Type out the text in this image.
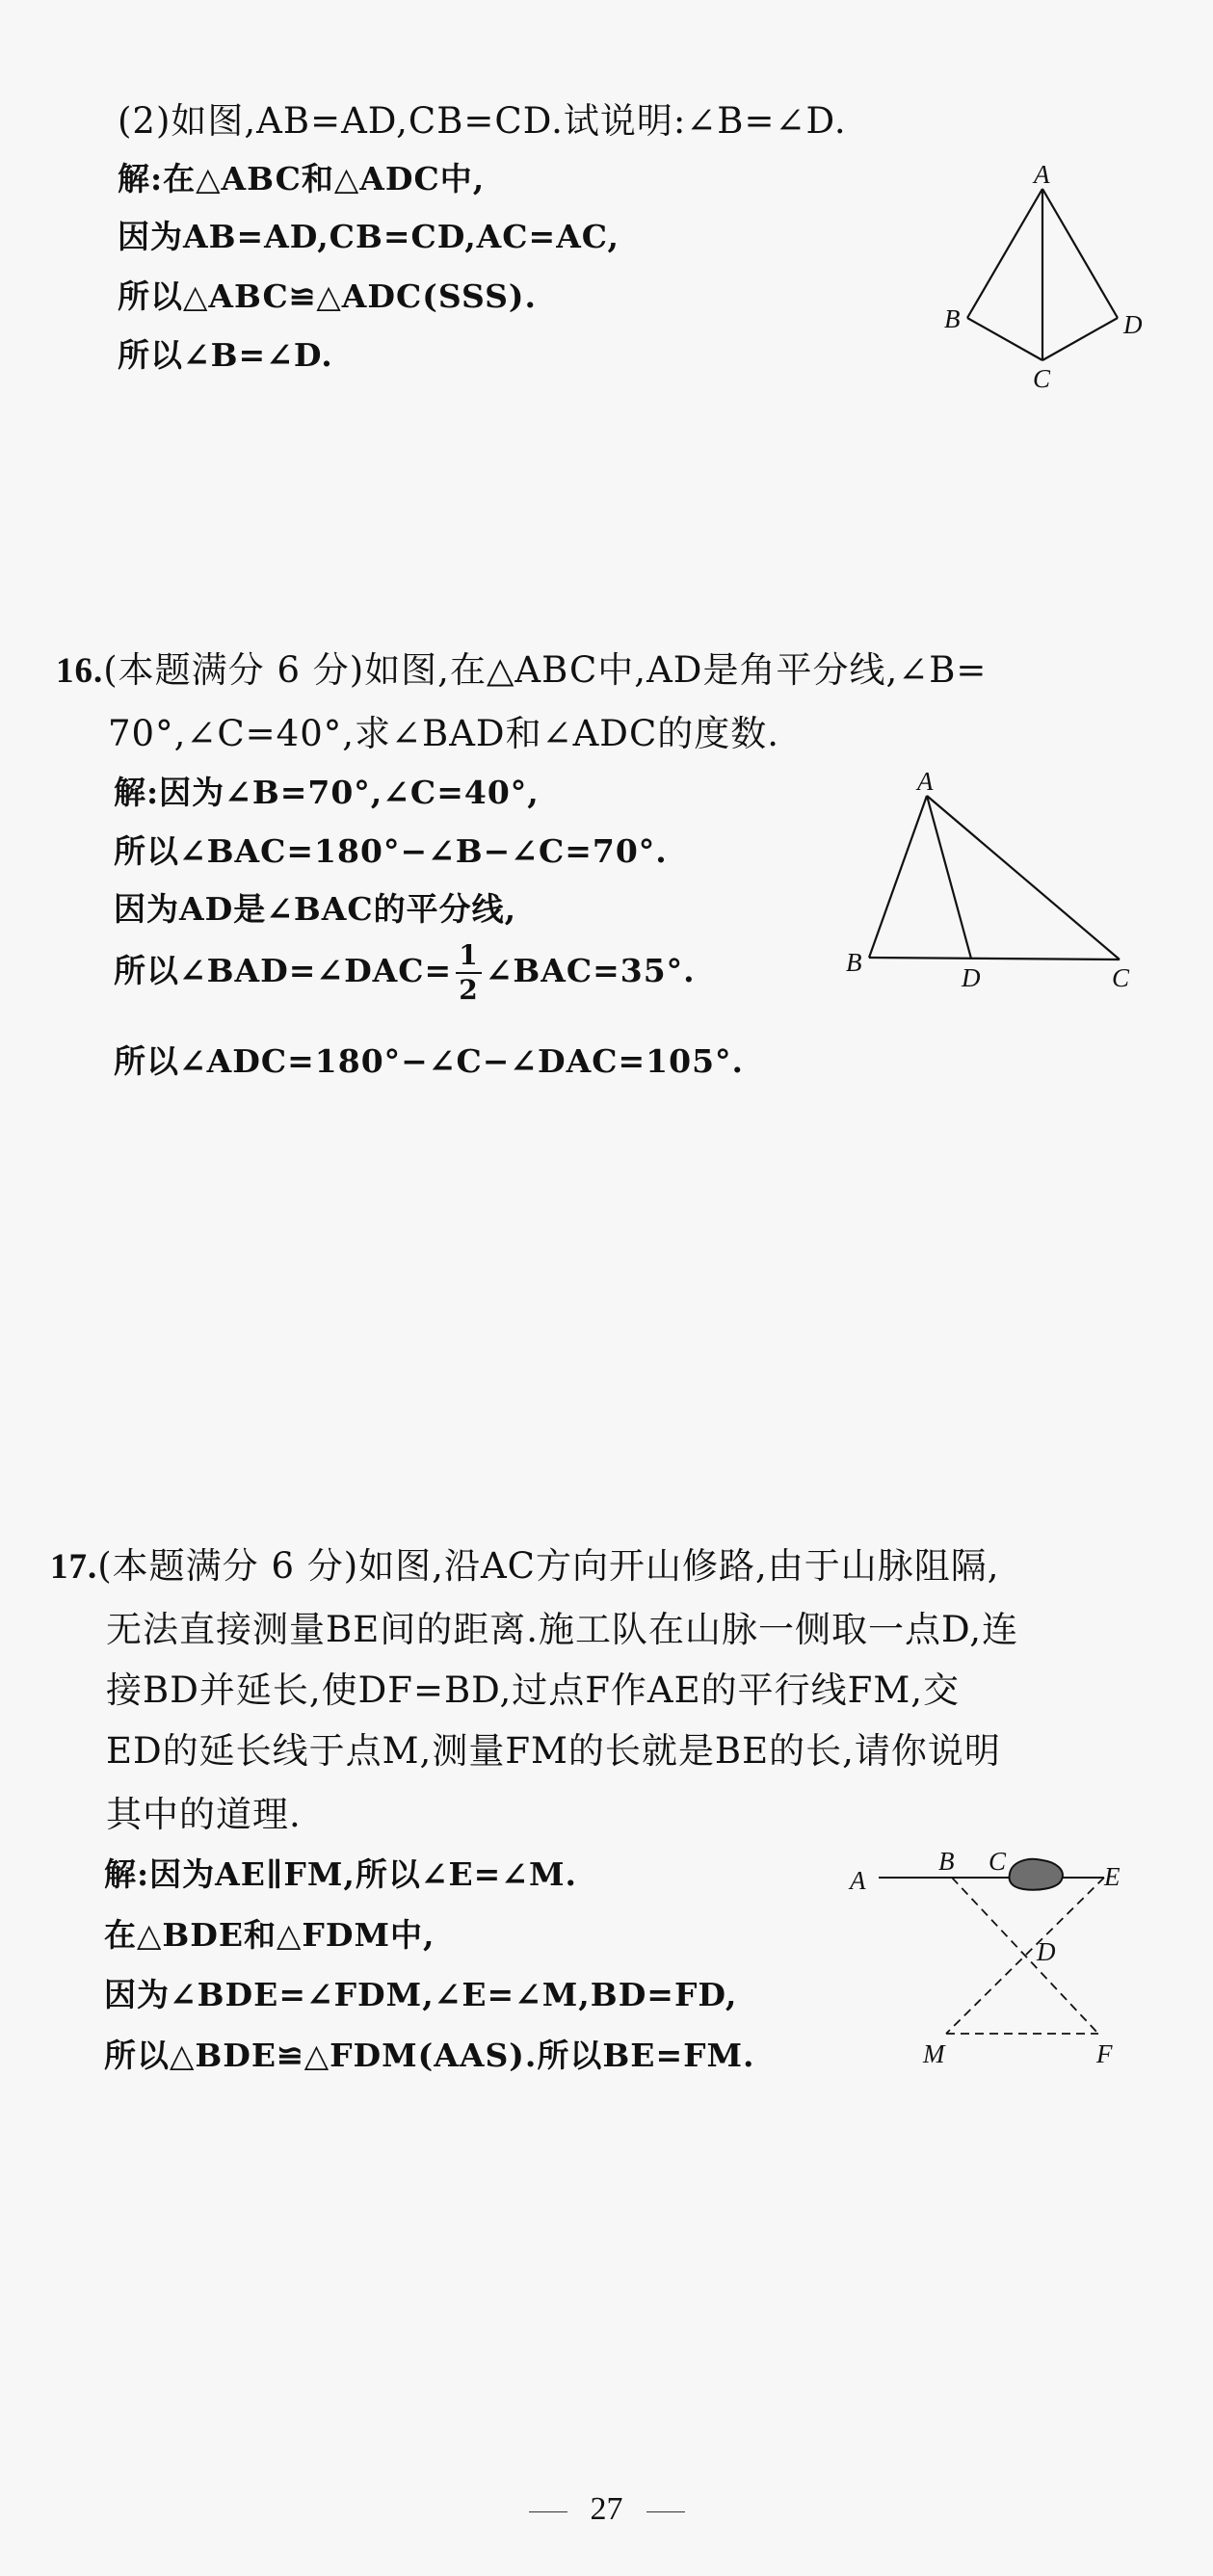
(2)如图,AB=AD,CB=CD.试说明:∠B=∠D.
解:在△ABC和△ADC中,
因为AB=AD,CB=CD,AC=AC,
所以△ABC≌△ADC(SSS).
所以∠B=∠D.
A
B	D
C
16.(本题满分 6 分)如图,在△ABC中,AD是角平分线,∠B=
70°,∠C=40°,求∠BAD和∠ADC的度数.
解:因为∠B=70°,∠C=40°,
所以∠BAC=180°−∠B−∠C=70°.
因为AD是∠BAC的平分线,
所以∠BAD=∠DAC= $\frac{1}{2}$ ∠BAC=35°.
所以∠ADC=180°−∠C−∠DAC=105°.
A
B
D	C
17.(本题满分 6 分)如图,沿AC方向开山修路,由于山脉阻隔,
无法直接测量BE间的距离.施工队在山脉一侧取一点D,连
接BD并延长,使DF=BD,过点F作AE的平行线FM,交
ED的延长线于点M,测量FM的长就是BE的长,请你说明
其中的道理.
解:因为AE∥FM,所以∠E=∠M.
在△BDE和△FDM中,
因为∠BDE=∠FDM,∠E=∠M,BD=FD,
所以△BDE≌△FDM(AAS).所以BE=FM.
A
B C
E
D
M	F
27
